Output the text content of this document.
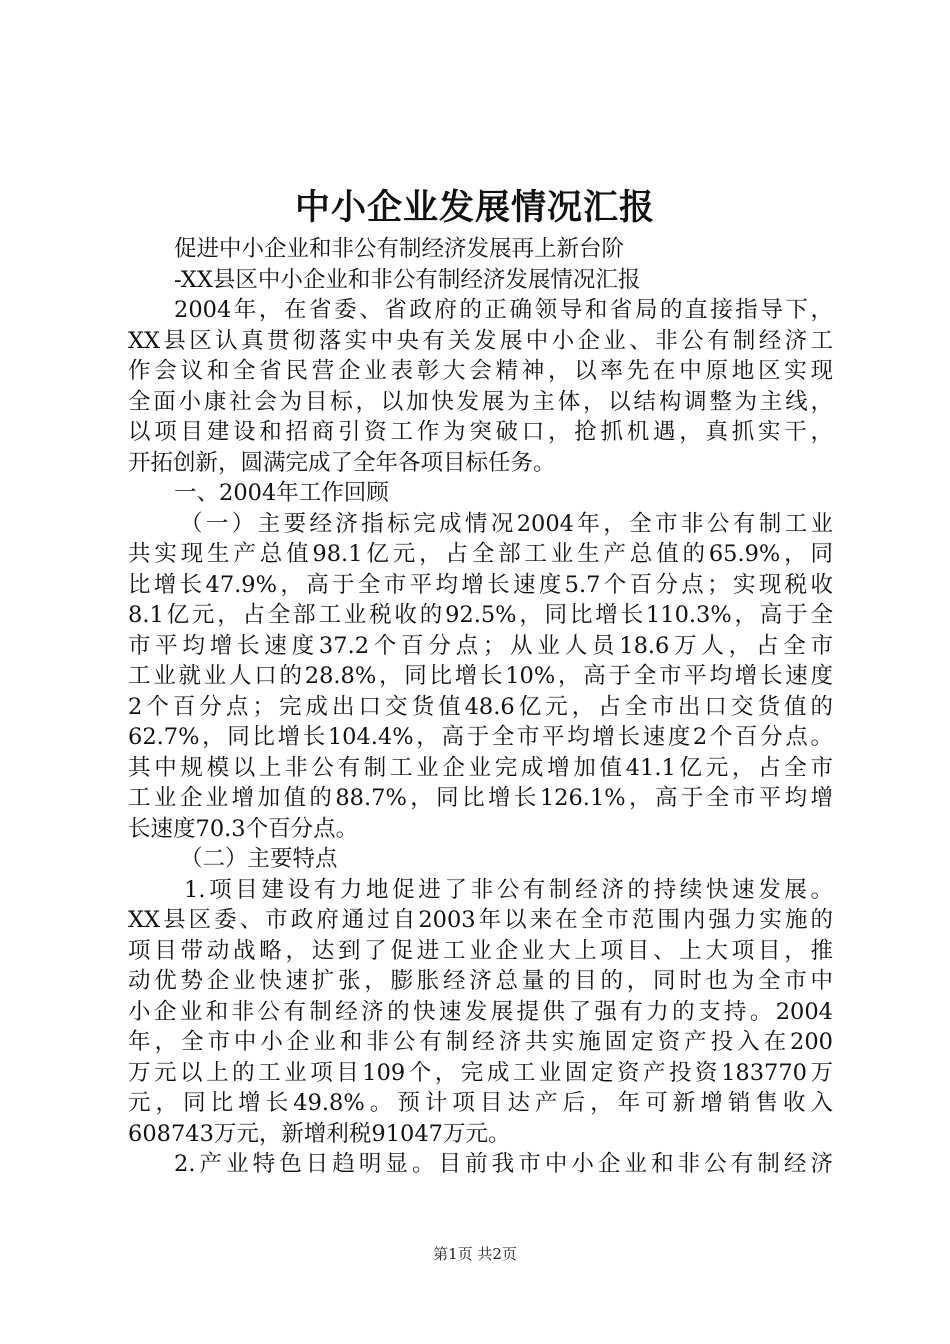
中小企业发展情况汇报
促进中小企业和非公有制经济发展再上新台阶
-XX县区中小企业和非公有制经济发展情况汇报
2004年，在省委、省政府的正确领导和省局的直接指导下，
XX县区认真贯彻落实中央有关发展中小企业、非公有制经济工
作会议和全省民营企业表彰大会精神，以率先在中原地区实现
全面小康社会为目标，以加快发展为主体，以结构调整为主线，
以项目建设和招商引资工作为突破口，抢抓机遇，真抓实干，
开拓创新，圆满完成了全年各项目标任务。
一、2004年工作回顾
（一）主要经济指标完成情况2004年，全市非公有制工业
共实现生产总值98.1亿元，占全部工业生产总值的65.9%，同
比增长47.9%，高于全市平均增长速度5.7个百分点；实现税收
8.1亿元，占全部工业税收的92.5%，同比增长110.3%，高于全
市平均增长速度37.2个百分点；从业人员18.6万人，占全市
工业就业人口的28.8%，同比增长10%，高于全市平均增长速度
2个百分点；完成出口交货值48.6亿元，占全市出口交货值的
62.7%，同比增长104.4%，高于全市平均增长速度2个百分点。
其中规模以上非公有制工业企业完成增加值41.1亿元，占全市
工业企业增加值的88.7%，同比增长126.1%，高于全市平均增
长速度70.3个百分点。
（二）主要特点
1.项目建设有力地促进了非公有制经济的持续快速发展。
XX县区委、市政府通过自2003年以来在全市范围内强力实施的
项目带动战略，达到了促进工业企业大上项目、上大项目，推
动优势企业快速扩张，膨胀经济总量的目的，同时也为全市中
小企业和非公有制经济的快速发展提供了强有力的支持。2004
年，全市中小企业和非公有制经济共实施固定资产投入在200
万元以上的工业项目109个，完成工业固定资产投资183770万
元，同比增长49.8%。预计项目达产后，年可新增销售收入
608743万元，新增利税91047万元。
2.产业特色日趋明显。目前我市中小企业和非公有制经济
第1页 共2页
